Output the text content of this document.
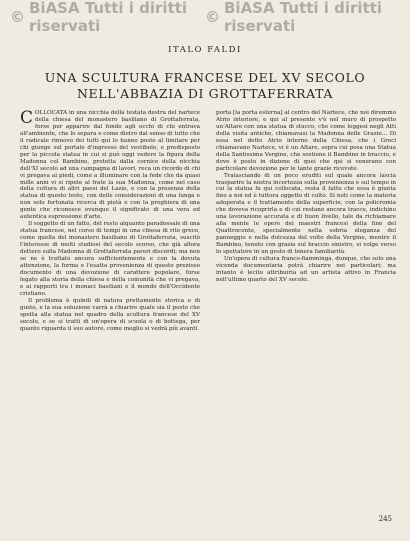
© BiASA Tutti i diritti riservati	© BiASA Tutti i diritti riservati
ITALO FALDI
UNA SCULTURA FRANCESE DEL XV SECOLO
NELL'ABBAZIA DI GROTTAFERRATA

COLLOCATA in una nicchia della testata destra del nartece della chiesa del monastero basiliano di Grottaferrata, forse per apparire dal fondo agli occhi di chi entrava all'ambiente, che lo separa e come dietro dal senso di tutto che il radicale rinnovo dei tutti qui lo hanno posto al limitare per chi giunge sul portale d'ingresso del vestibolo, e predisposto per la piccola statua in cui si può oggi vedere la figura della Madonna col Bambino, protetta dalla cornice della nicchia dell'XI secolo ad una campagna di lavori, reca un ricordo di chi vi pregava ai piedi, come a illuminare con la fede che da quasi mille anni vi si ripete al frate la sua Madonna, come nel caso della cultura di altri paesi del Lazio, e con la presenza della statua di questo testo, con delle considerazioni di una lunga e non solo fortunata ricerca di pietà e con la preghiera di una gente che riconosce ovunque il significato di una vera ed autentica espressione d'arte.

Il soggetto di un fatto, del resto alquanto paradossale di una statua francese, nel corso di tempi in una chiesa di rito greco, come quella del monastero basiliano di Grottaferrata, suscitò l'interesse di molti studiosi del secolo scorso, che già allora dettero sulla Madonna di Grottaferrata pareri discordi; ma non se ne è trattato ancora sufficientemente e con la dovuta attenzione, la forma e l'esatta provenienza di questo prezioso documento di una devozione di carattere popolare, forse legato alla storia della chiesa e della comunità che vi pregava, e ai rapporti tra i monaci basiliani e il mondo dell'Occidente cristiano.

Il problema è quindi di natura prettamente storica e di gusto, e la sua soluzione varrà a chiarire quale sia il posto che spetta alla statua nel quadro della scultura francese del XV secolo, e se si tratti di un'opera di scuola o di bottega, per quanto riguarda il suo autore, come meglio si vedrà più avanti.

porta [la porta esterna] al centro del Nartece, che noi diremmo Atrio interiore, e qui al presente v'è nel muro di prospetto un'Altare con una statua di stucco, che come leggesi negli Atti della visita antiche, chiamavasi la Madonna delle Grazie... Di essa nel detto Atrio interno della Chiesa, che i Greci chiamavano Nartece, vi è un Altare, sopra cui posa una Statua della Santissima Vergine, che sostiene il Bambino in braccio, e dove è posto in dizione di quei che qui si venerano con particolare devozione per le tante grazie ricevute.

Tralasciando di un poco eruditi sul quale ancora lascia trasparire la nostra incertezza sulla provenienza e sul tempo in cui la statua fu qui collocata, resta il fatto che essa è giunta fino a noi ed è tuttora oggetto di culto. Si noti come la materia adoperata e il trattamento della superficie, con la policromia che doveva ricoprirla e di cui restano ancora tracce, indichino una lavorazione accurata e di buon livello, tale da richiamare alla mente le opere dei maestri francesi della fine del Quattrocento, specialmente nella sobria eleganza del panneggio e nella dolcezza del volto della Vergine, mentre il Bambino, tenuto con grazia sul braccio sinistro, si volge verso lo spettatore in un gesto di tenera familiarità.

Un'opera di cultura franco-fiamminga, dunque, che solo una vicenda documentaria potrà chiarire nei particolari; ma intanto è lecito attribuirla ad un artista attivo in Francia nell'ultimo quarto del XV secolo.

245
